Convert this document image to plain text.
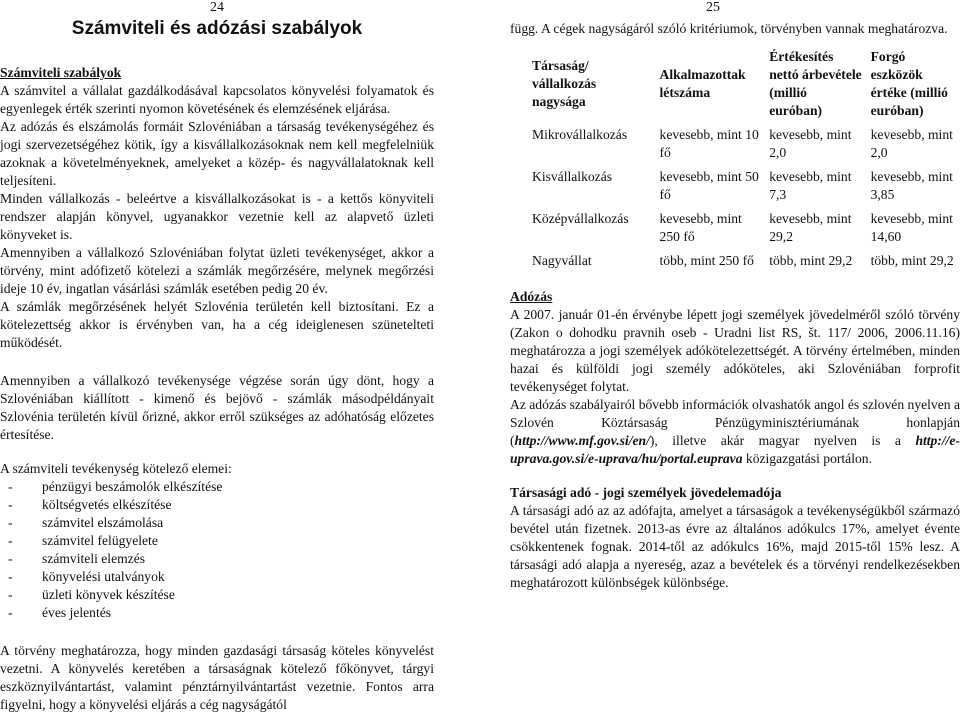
24	25
Számviteli és adózási szabályok
Számviteli szabályok
A számvitel a vállalat gazdálkodásával kapcsolatos könyvelési folyamatok és egyenlegek érték szerinti nyomon követésének és elemzésének eljárása.
Az adózás és elszámolás formáit Szlovéniában a társaság tevékenységéhez és jogi szervezetségéhez kötik, így a kisvállalkozásoknak nem kell megfelelniük azoknak a követelményeknek, amelyeket a közép- és nagyvállalatoknak kell teljesíteni.
Minden vállalkozás - beleértve a kisvállalkozásokat is - a kettős könyviteli rendszer alapján könyvel, ugyanakkor vezetnie kell az alapvető üzleti könyveket is.
Amennyiben a vállalkozó Szlovéniában folytat üzleti tevékenységet, akkor a törvény, mint adófizető kötelezi a számlák megőrzésére, melynek megőrzési ideje 10 év, ingatlan vásárlási számlák esetében pedig 20 év.
A számlák megőrzésének helyét Szlovénia területén kell biztosítani. Ez a kötelezettség akkor is érvényben van, ha a cég ideiglenesen szünetelteti működését.
Amennyiben a vállalkozó tevékenysége végzése során úgy dönt, hogy a Szlovéniában kiállított - kimenő és bejövő - számlák másodpéldányait Szlovénia területén kívül őrizné, akkor erről szükséges az adóhatóság előzetes értesítése.
A számviteli tevékenység kötelező elemei:
- pénzügyi beszámolók elkészítése
- költségvetés elkészítése
- számvitel elszámolása
- számvitel felügyelete
- számviteli elemzés
- könyvelési utalványok
- üzleti könyvek készítése
- éves jelentés
A törvény meghatározza, hogy minden gazdasági társaság köteles könyvelést vezetni. A könyvelés keretében a társaságnak kötelező főkönyvet, tárgyi eszköznyilvántartást, valamint pénztárnyilvántartást vezetnie. Fontos arra figyelni, hogy a könyvelési eljárás a cég nagyságától
függ. A cégek nagyságáról szóló kritériumok, törvényben vannak meghatározva.
Társaság/ vállalkozás nagysága	Alkalmazottak létszáma	Értékesítés nettó árbevétele (millió euróban)	Forgó eszközök értéke (millió euróban)
Mikrovállalkozás	kevesebb, mint 10 fő	kevesebb, mint 2,0	kevesebb, mint 2,0
Kisvállalkozás	kevesebb, mint 50 fő	kevesebb, mint 7,3	kevesebb, mint 3,85
Középvállalkozás	kevesebb, mint 250 fő	kevesebb, mint 29,2	kevesebb, mint 14,60
Nagyvállat	több, mint 250 fő	több, mint 29,2	több, mint 29,2
Adózás
A 2007. január 01-én érvénybe lépett jogi személyek jövedelméről szóló törvény (Zakon o dohodku pravnih oseb - Uradni list RS, št. 117/ 2006, 2006.11.16) meghatározza a jogi személyek adókötelezettségét. A törvény értelmében, minden hazai és külföldi jogi személy adóköteles, aki Szlovéniában forprofit tevékenységet folytat.
Az adózás szabályairól bővebb információk olvashatók angol és szlovén nyelven a Szlovén Köztársaság Pénzügyminisztériumának honlapján (http://www.mf.gov.si/en/), illetve akár magyar nyelven is a http://e-uprava.gov.si/e-uprava/hu/portal.euprava közigazgatási portálon.
Társasági adó - jogi személyek jövedelemadója
A társasági adó az az adófajta, amelyet a társaságok a tevékenységükből származó bevétel után fizetnek. 2013-as évre az általános adókulcs 17%, amelyet évente csökkentenek fognak. 2014-től az adókulcs 16%, majd 2015-től 15% lesz. A társasági adó alapja a nyereség, azaz a bevételek és a törvényi rendelkezésekben meghatározott különbségek különbsége.
